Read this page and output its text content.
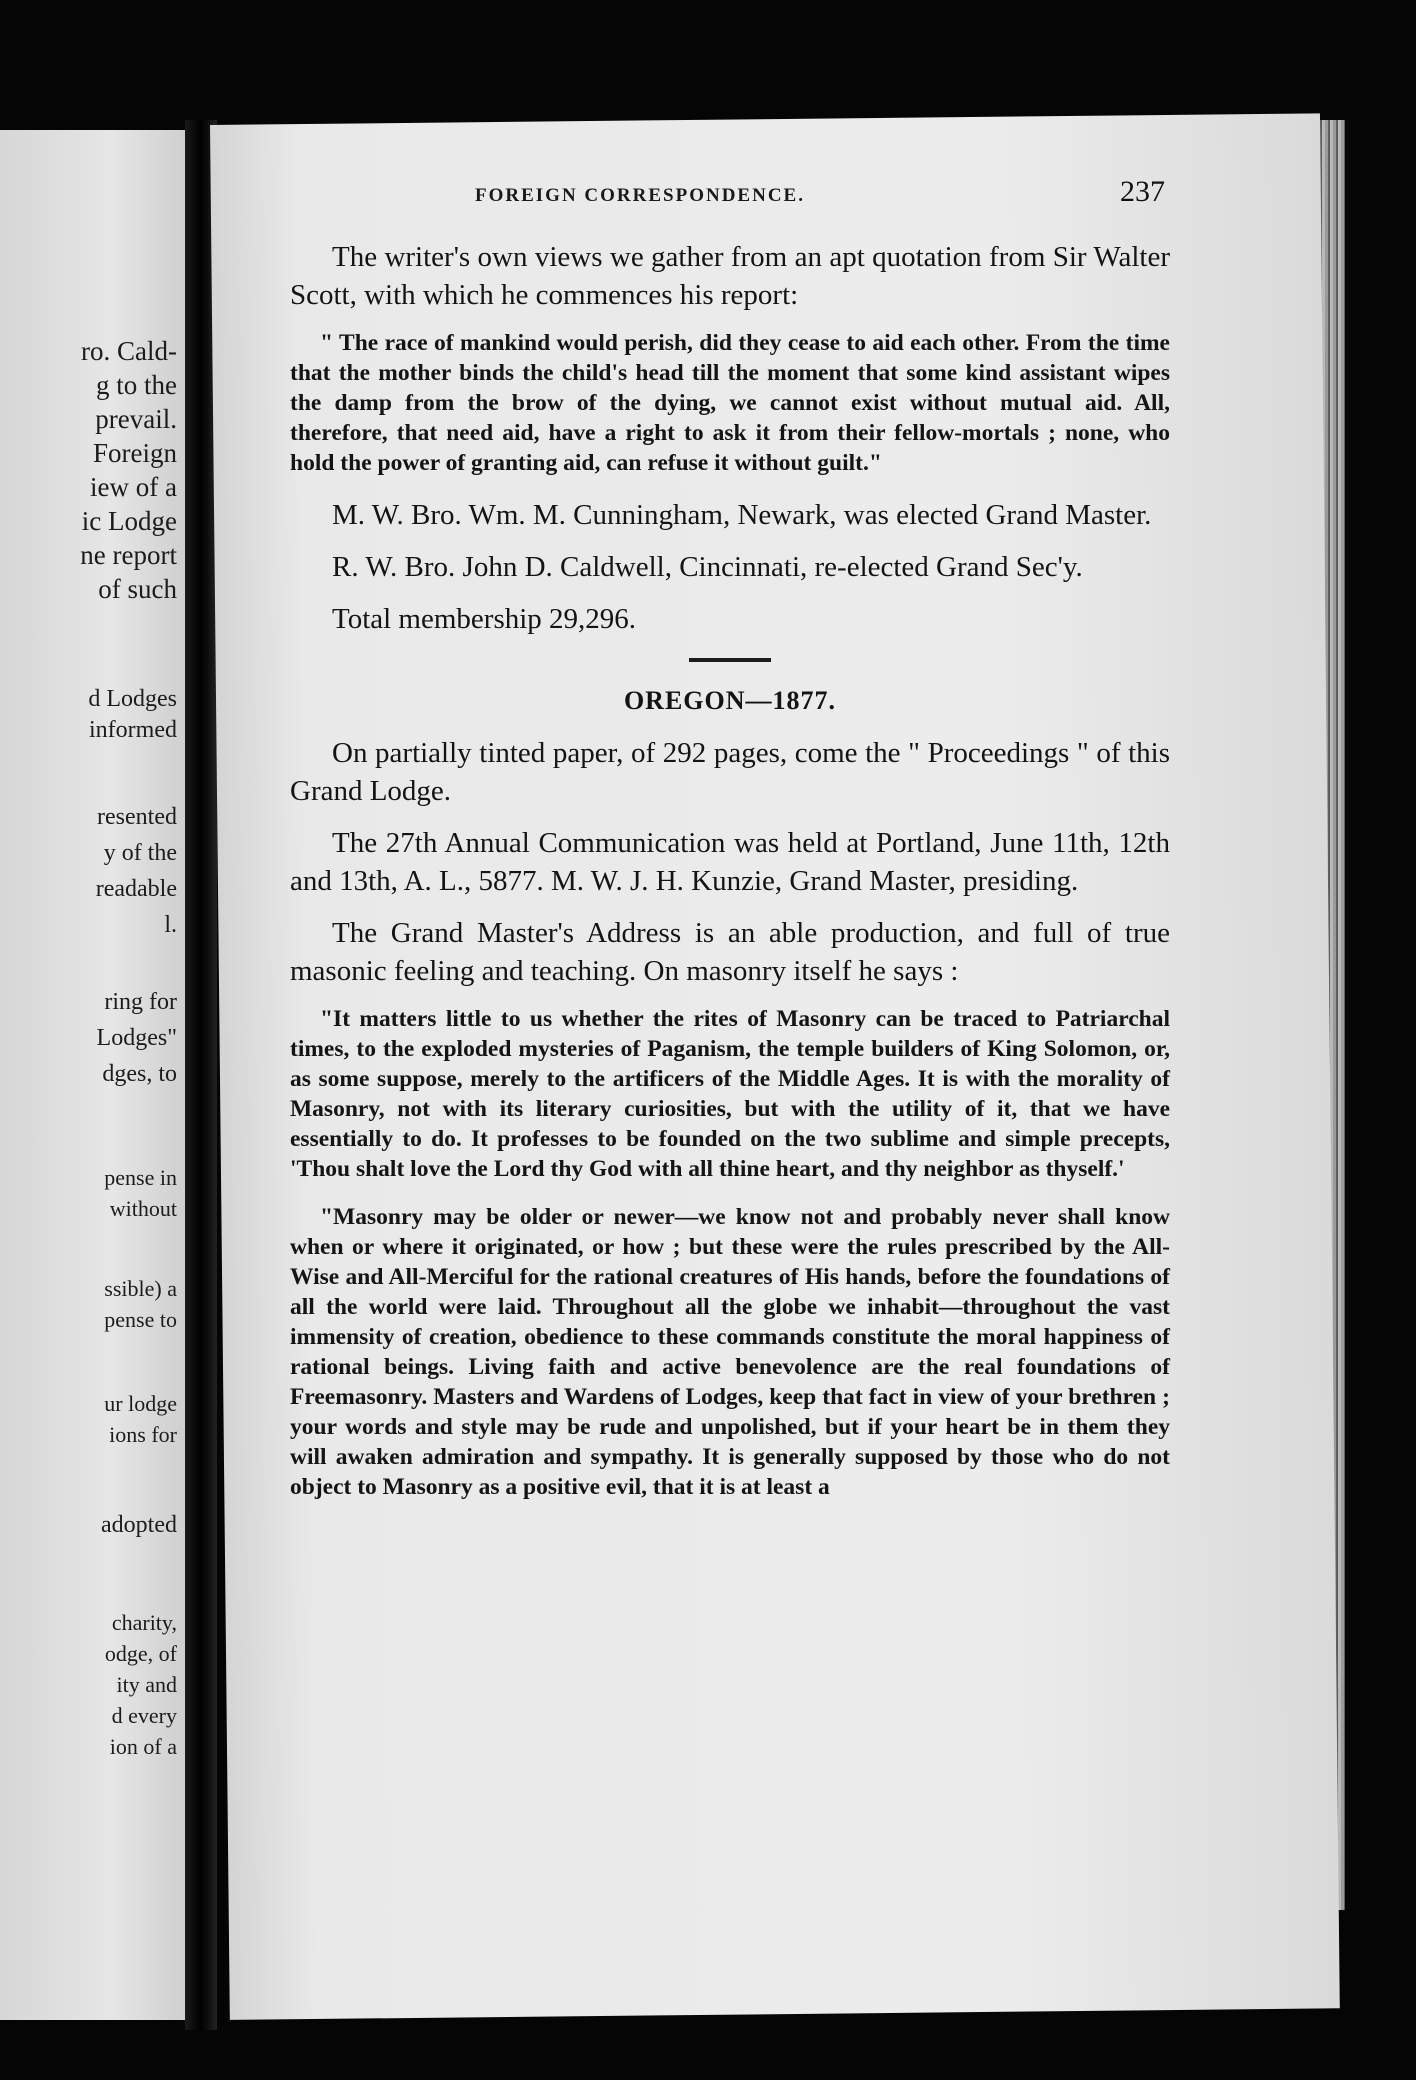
ro. Cald-
g to the
prevail.
Foreign
iew of a
ic Lodge
ne report
of such
d Lodges
informed
resented
y of the
readable
l.
ring for
Lodges"
dges, to
pense in
without
ssible) a
pense to
ur lodge
ions for
adopted
charity,
odge, of
ity and
d every
ion of a
FOREIGN CORRESPONDENCE.	237

The writer's own views we gather from an apt quotation from Sir Walter Scott, with which he commences his report:

" The race of mankind would perish, did they cease to aid each other. From the time that the mother binds the child's head till the moment that some kind assistant wipes the damp from the brow of the dying, we cannot exist without mutual aid. All, therefore, that need aid, have a right to ask it from their fellow-mortals ; none, who hold the power of granting aid, can refuse it without guilt."

M. W. Bro. Wm. M. Cunningham, Newark, was elected Grand Master.

R. W. Bro. John D. Caldwell, Cincinnati, re-elected Grand Sec'y.

Total membership 29,296.

OREGON—1877.

On partially tinted paper, of 292 pages, come the " Proceedings " of this Grand Lodge.

The 27th Annual Communication was held at Portland, June 11th, 12th and 13th, A. L., 5877. M. W. J. H. Kunzie, Grand Master, presiding.

The Grand Master's Address is an able production, and full of true masonic feeling and teaching. On masonry itself he says :

"It matters little to us whether the rites of Masonry can be traced to Patriarchal times, to the exploded mysteries of Paganism, the temple builders of King Solomon, or, as some suppose, merely to the artificers of the Middle Ages. It is with the morality of Masonry, not with its literary curiosities, but with the utility of it, that we have essentially to do. It professes to be founded on the two sublime and simple precepts, 'Thou shalt love the Lord thy God with all thine heart, and thy neighbor as thyself.'

"Masonry may be older or newer—we know not and probably never shall know when or where it originated, or how ; but these were the rules prescribed by the All-Wise and All-Merciful for the rational creatures of His hands, before the foundations of all the world were laid. Throughout all the globe we inhabit—throughout the vast immensity of creation, obedience to these commands constitute the moral happiness of rational beings. Living faith and active benevolence are the real foundations of Freemasonry. Masters and Wardens of Lodges, keep that fact in view of your brethren ; your words and style may be rude and unpolished, but if your heart be in them they will awaken admiration and sympathy. It is generally supposed by those who do not object to Masonry as a positive evil, that it is at least a
